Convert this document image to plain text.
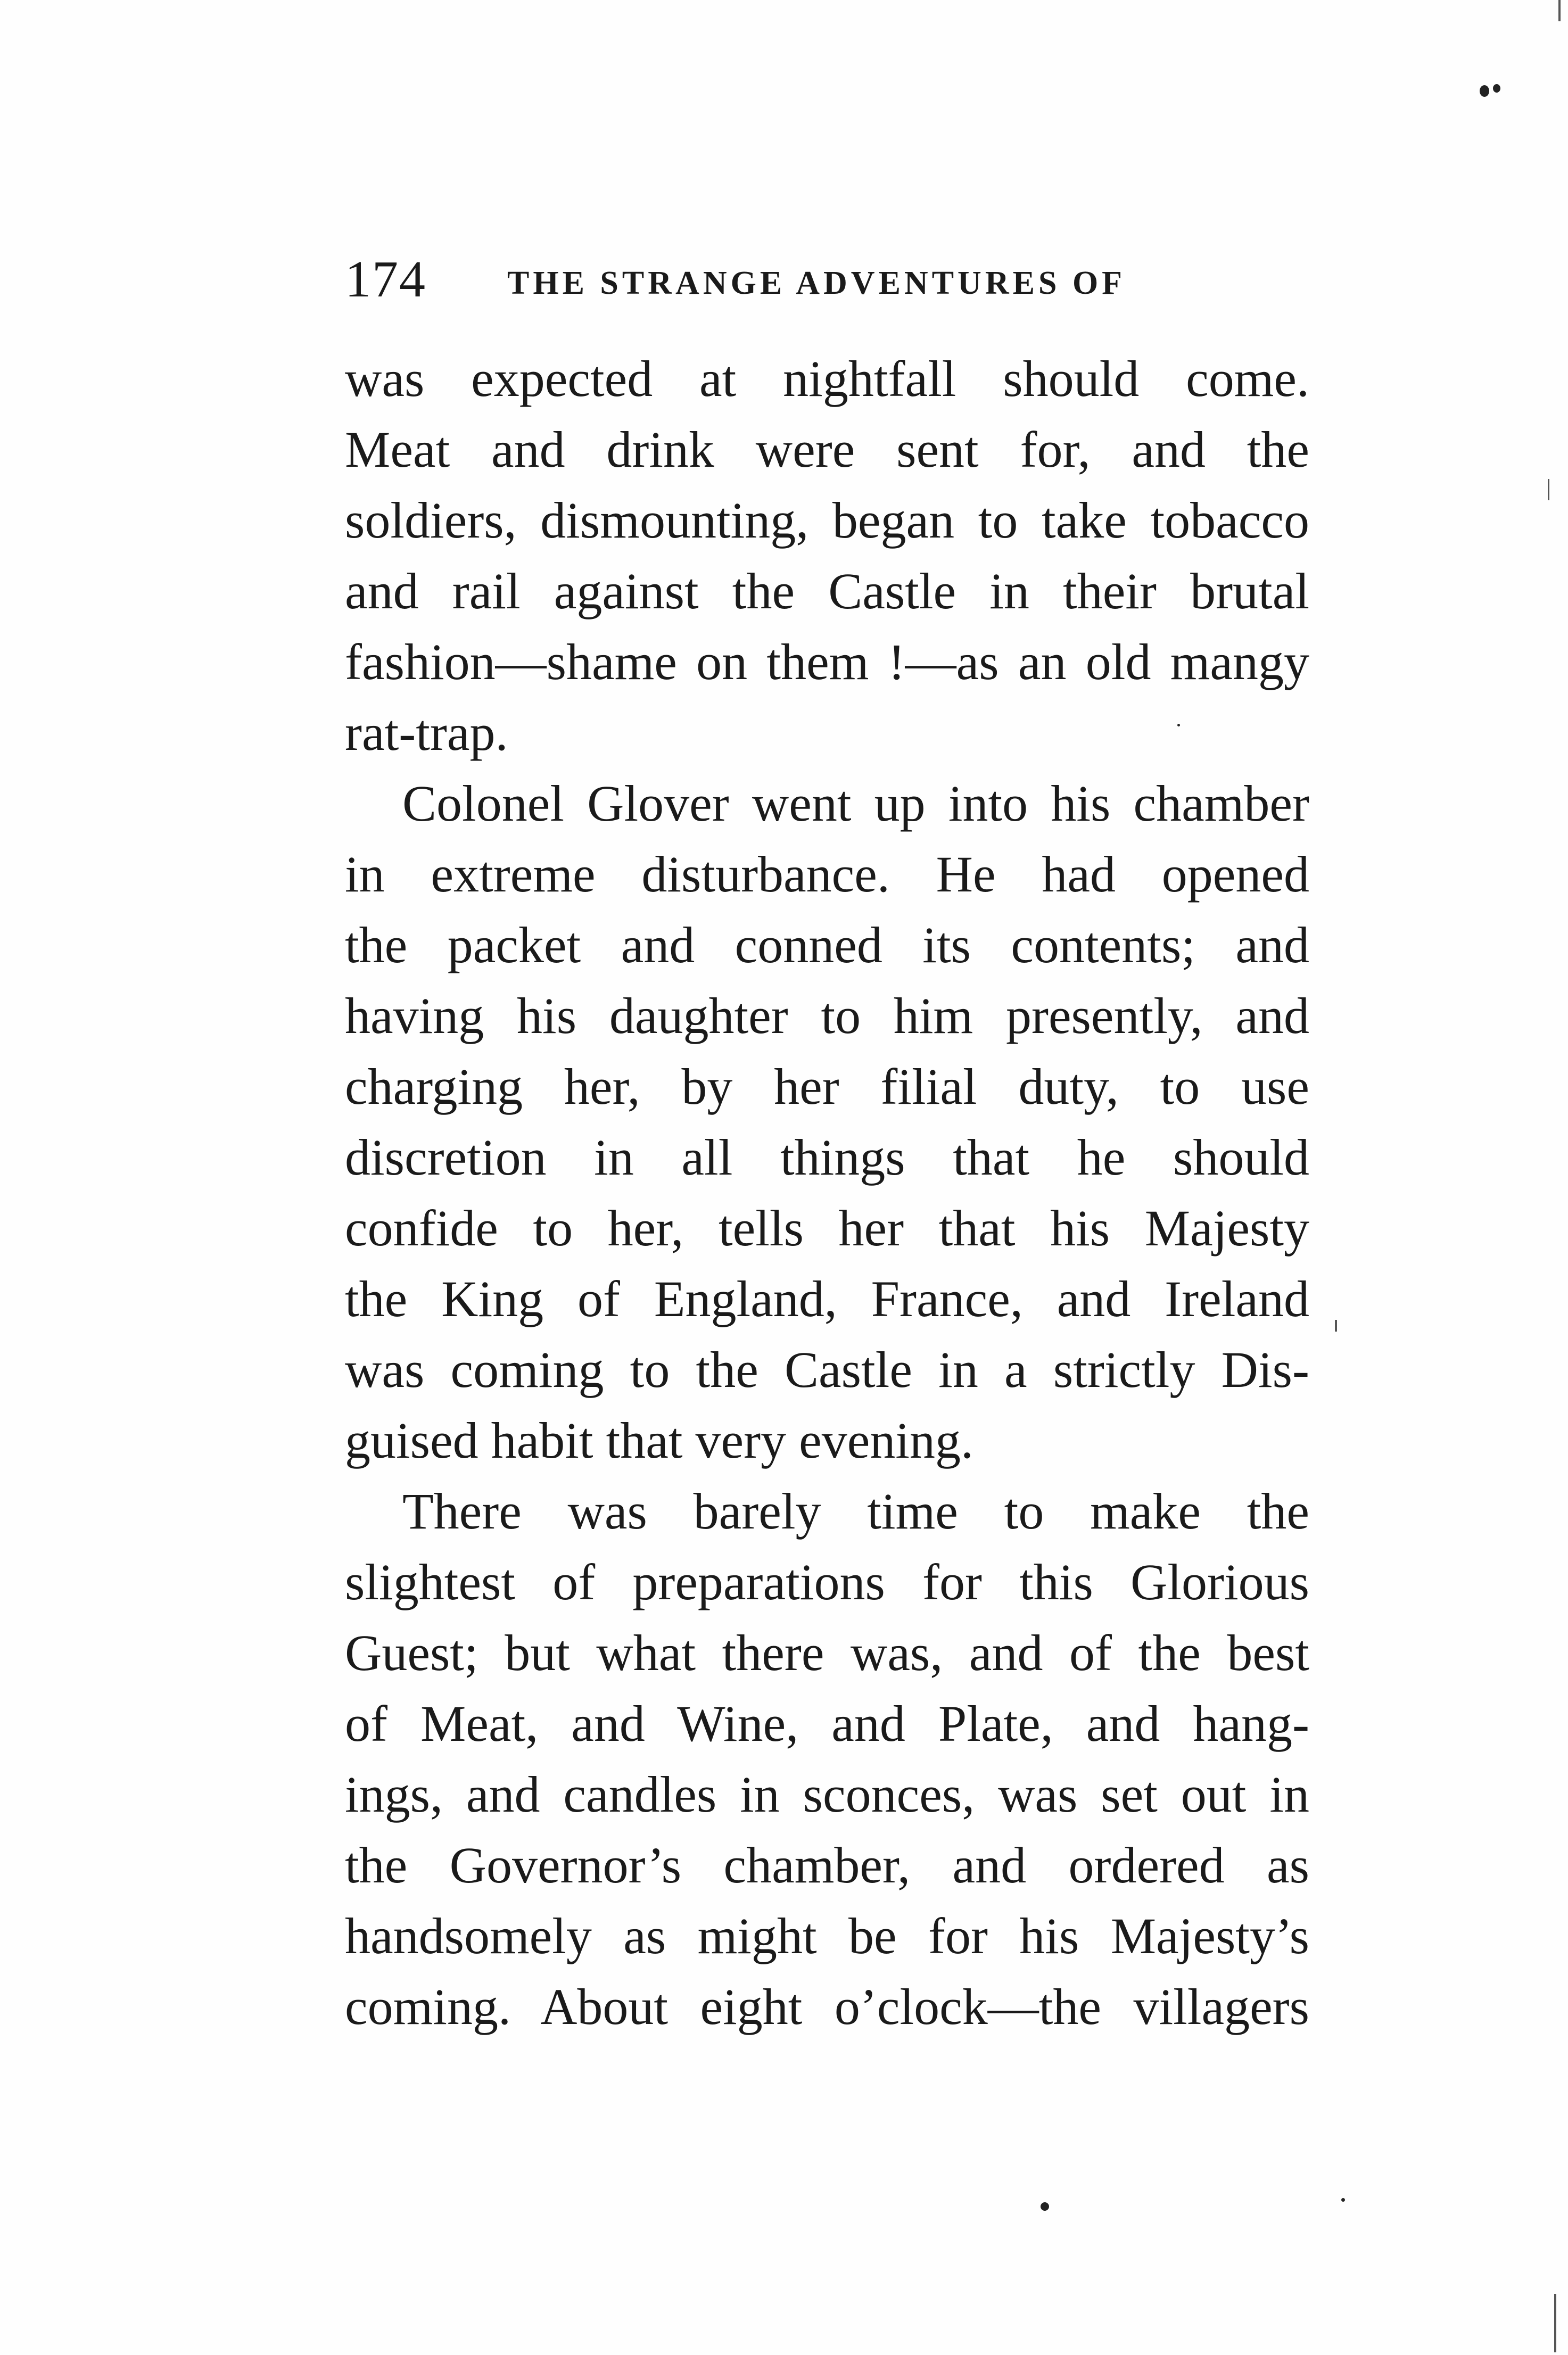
174 THE STRANGE ADVENTURES OF
was expected at nightfall should come.
Meat and drink were sent for, and the
soldiers, dismounting, began to take tobacco
and rail against the Castle in their brutal
fashion—shame on them !—as an old mangy
rat-trap.
Colonel Glover went up into his chamber
in extreme disturbance. He had opened
the packet and conned its contents; and
having his daughter to him presently, and
charging her, by her filial duty, to use
discretion in all things that he should
confide to her, tells her that his Majesty
the King of England, France, and Ireland
was coming to the Castle in a strictly Dis-
guised habit that very evening.
There was barely time to make the
slightest of preparations for this Glorious
Guest; but what there was, and of the best
of Meat, and Wine, and Plate, and hang-
ings, and candles in sconces, was set out in
the Governor’s chamber, and ordered as
handsomely as might be for his Majesty’s
coming. About eight o’clock—the villagers
